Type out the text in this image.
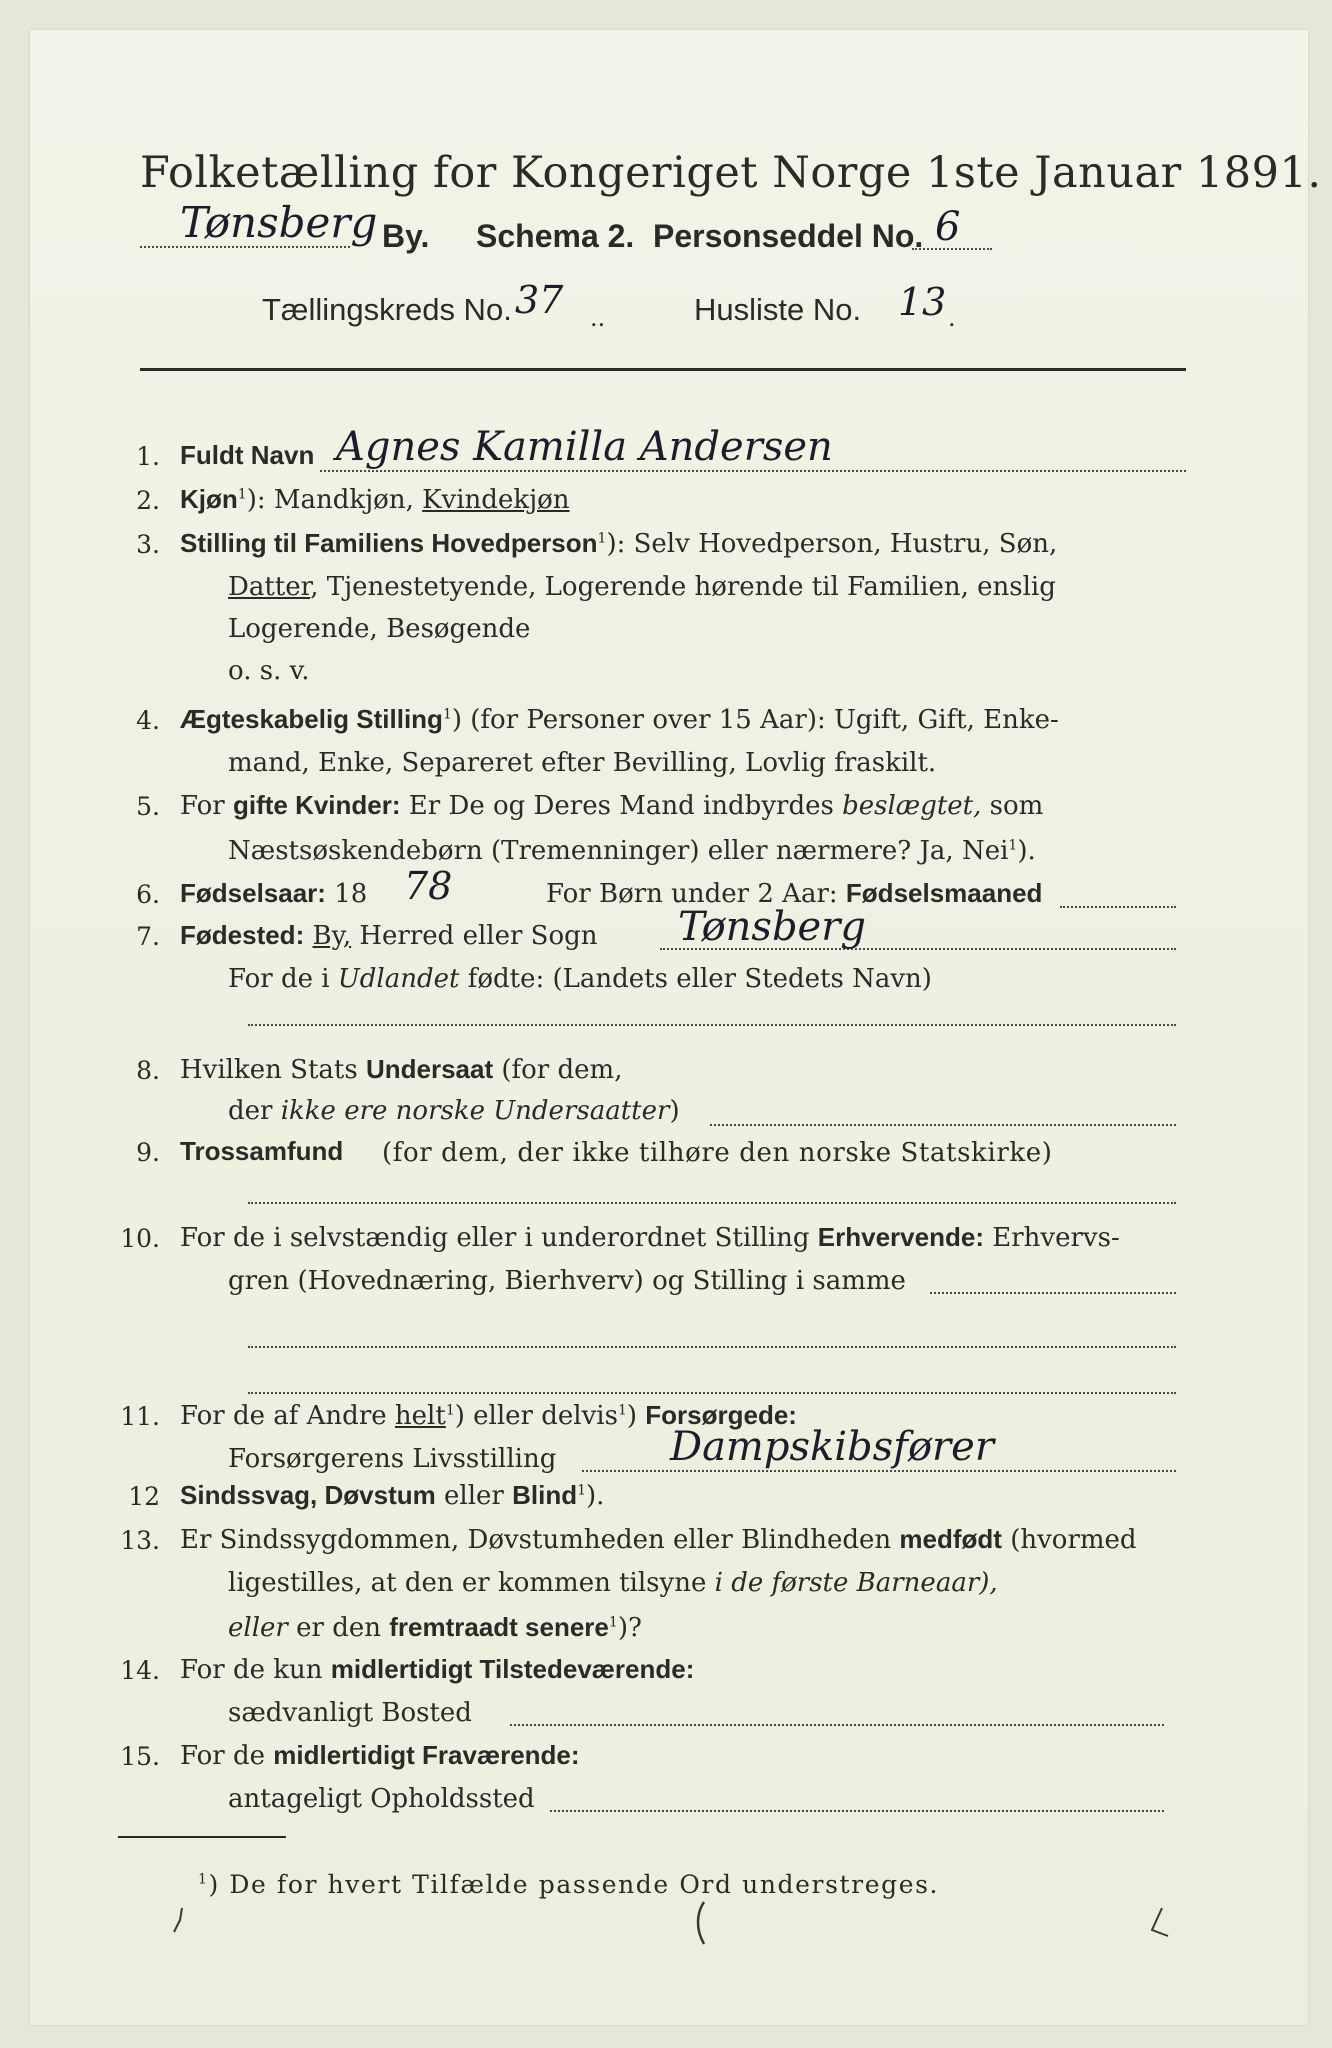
Folketælling for Kongeriget Norge 1ste Januar 1891.
Tønsberg By. Schema 2. Personseddel No. 6
Tællingskreds No. 37 ..	Husliste No. 13 .
1. Fuldt Navn Agnes Kamilla Andersen
2. Kjøn$^1$): Mandkjøn, Kvindekjøn
3. Stilling til Familiens Hovedperson$^1$): Selv Hovedperson, Hustru, Søn,
Datter, Tjenestetyende, Logerende hørende til Familien, enslig
Logerende, Besøgende
o. s. v.
4. Ægteskabelig Stilling$^1$) (for Personer over 15 Aar): Ugift, Gift, Enke-
mand, Enke, Separeret efter Bevilling, Lovlig fraskilt.
5. For gifte Kvinder: Er De og Deres Mand indbyrdes beslægtet, som
Næstsøskendebørn (Tremenninger) eller nærmere? Ja, Nei$^1$).
6. Fødselsaar: 18 78	For Børn under 2 Aar: Fødselsmaaned
7. Fødested: By, Herred eller Sogn Tønsberg
For de i Udlandet fødte: (Landets eller Stedets Navn)
8. Hvilken Stats Undersaat (for dem,
der ikke ere norske Undersaatter)
9. Trossamfund (for dem, der ikke tilhøre den norske Statskirke)
10. For de i selvstændig eller i underordnet Stilling Erhvervende: Erhvervs-
gren (Hovednæring, Bierhverv) og Stilling i samme
11. For de af Andre helt$^1$) eller delvis$^1$) Forsørgede:
Forsørgerens Livsstilling	Dampskibsfører
12 Sindssvag, Døvstum eller Blind$^1$).
13. Er Sindssygdommen, Døvstumheden eller Blindheden medfødt (hvormed
ligestilles, at den er kommen tilsyne i de første Barneaar),
eller er den fremtraadt senere$^1$)?
14. For de kun midlertidigt Tilstedeværende:
sædvanligt Bosted
15. For de midlertidigt Fraværende:
antageligt Opholdssted
$^1$) De for hvert Tilfælde passende Ord understreges.
